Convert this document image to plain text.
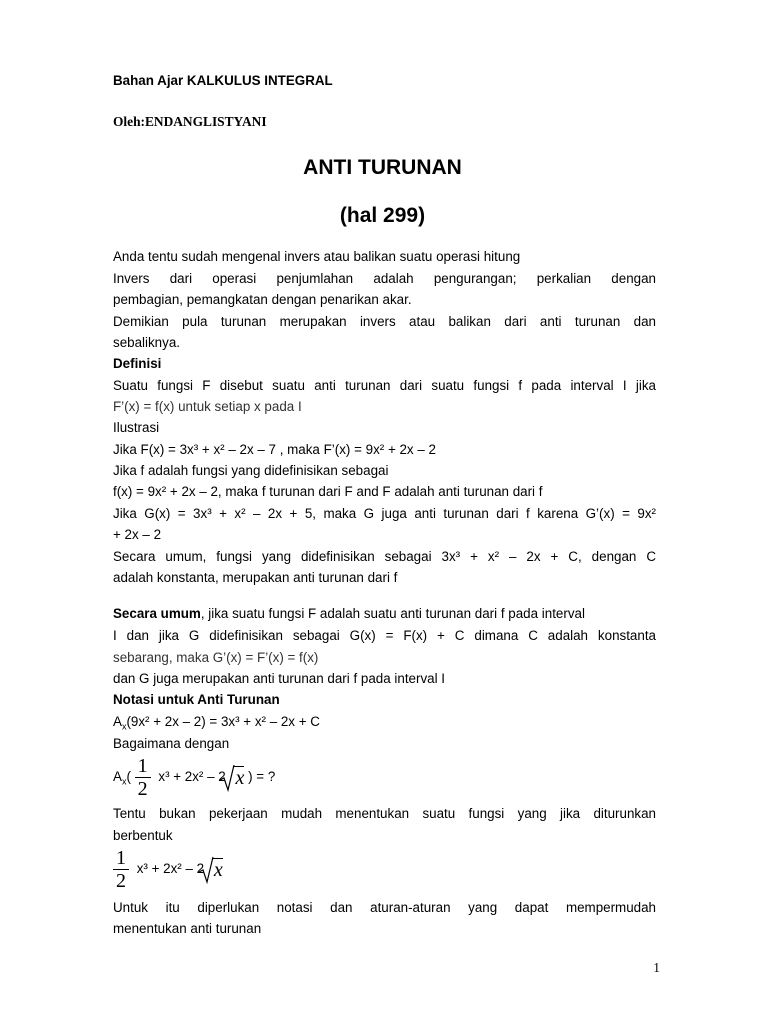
Bahan Ajar KALKULUS INTEGRAL
Oleh:ENDANGLISTYANI
ANTI TURUNAN
(hal 299)
Anda tentu sudah mengenal invers atau balikan suatu operasi hitung
Invers dari operasi penjumlahan adalah pengurangan; perkalian dengan
pembagian, pemangkatan dengan penarikan akar.
Demikian pula turunan merupakan invers atau balikan dari anti turunan dan
sebaliknya.
Definisi
Suatu fungsi F disebut suatu anti turunan dari suatu fungsi f pada interval I jika
F’(x) = f(x) untuk setiap x pada I
Ilustrasi
Jika F(x) = 3x³ + x² – 2x – 7 , maka F’(x) = 9x² + 2x – 2
Jika f adalah fungsi yang didefinisikan sebagai
f(x) = 9x² + 2x – 2, maka f turunan dari F and F adalah anti turunan dari f
Jika G(x) = 3x³ + x² – 2x + 5, maka G juga anti turunan dari f karena G’(x) = 9x²
+ 2x – 2
Secara umum, fungsi yang didefinisikan sebagai 3x³ + x² – 2x + C, dengan C
adalah konstanta, merupakan anti turunan dari f
Secara umum, jika suatu fungsi F adalah suatu anti turunan dari f pada interval
I dan jika G didefinisikan sebagai G(x) = F(x) + C dimana C adalah konstanta
sebarang, maka G’(x) = F’(x) = f(x)
dan G juga merupakan anti turunan dari f pada interval I
Notasi untuk Anti Turunan
$A_x(9x^2 + 2x - 2) = 3x^3 + x^2 - 2x + C$
Bagaimana dengan
$A_x( \frac{1}{2} x^3 + 2x^2 - 2$ x ) = ?
Tentu bukan pekerjaan mudah menentukan suatu fungsi yang jika diturunkan
berbentuk
$\frac{1}{2} x^3 + 2x^2 - 2$ x
Untuk itu diperlukan notasi dan aturan-aturan yang dapat mempermudah
menentukan anti turunan
1
